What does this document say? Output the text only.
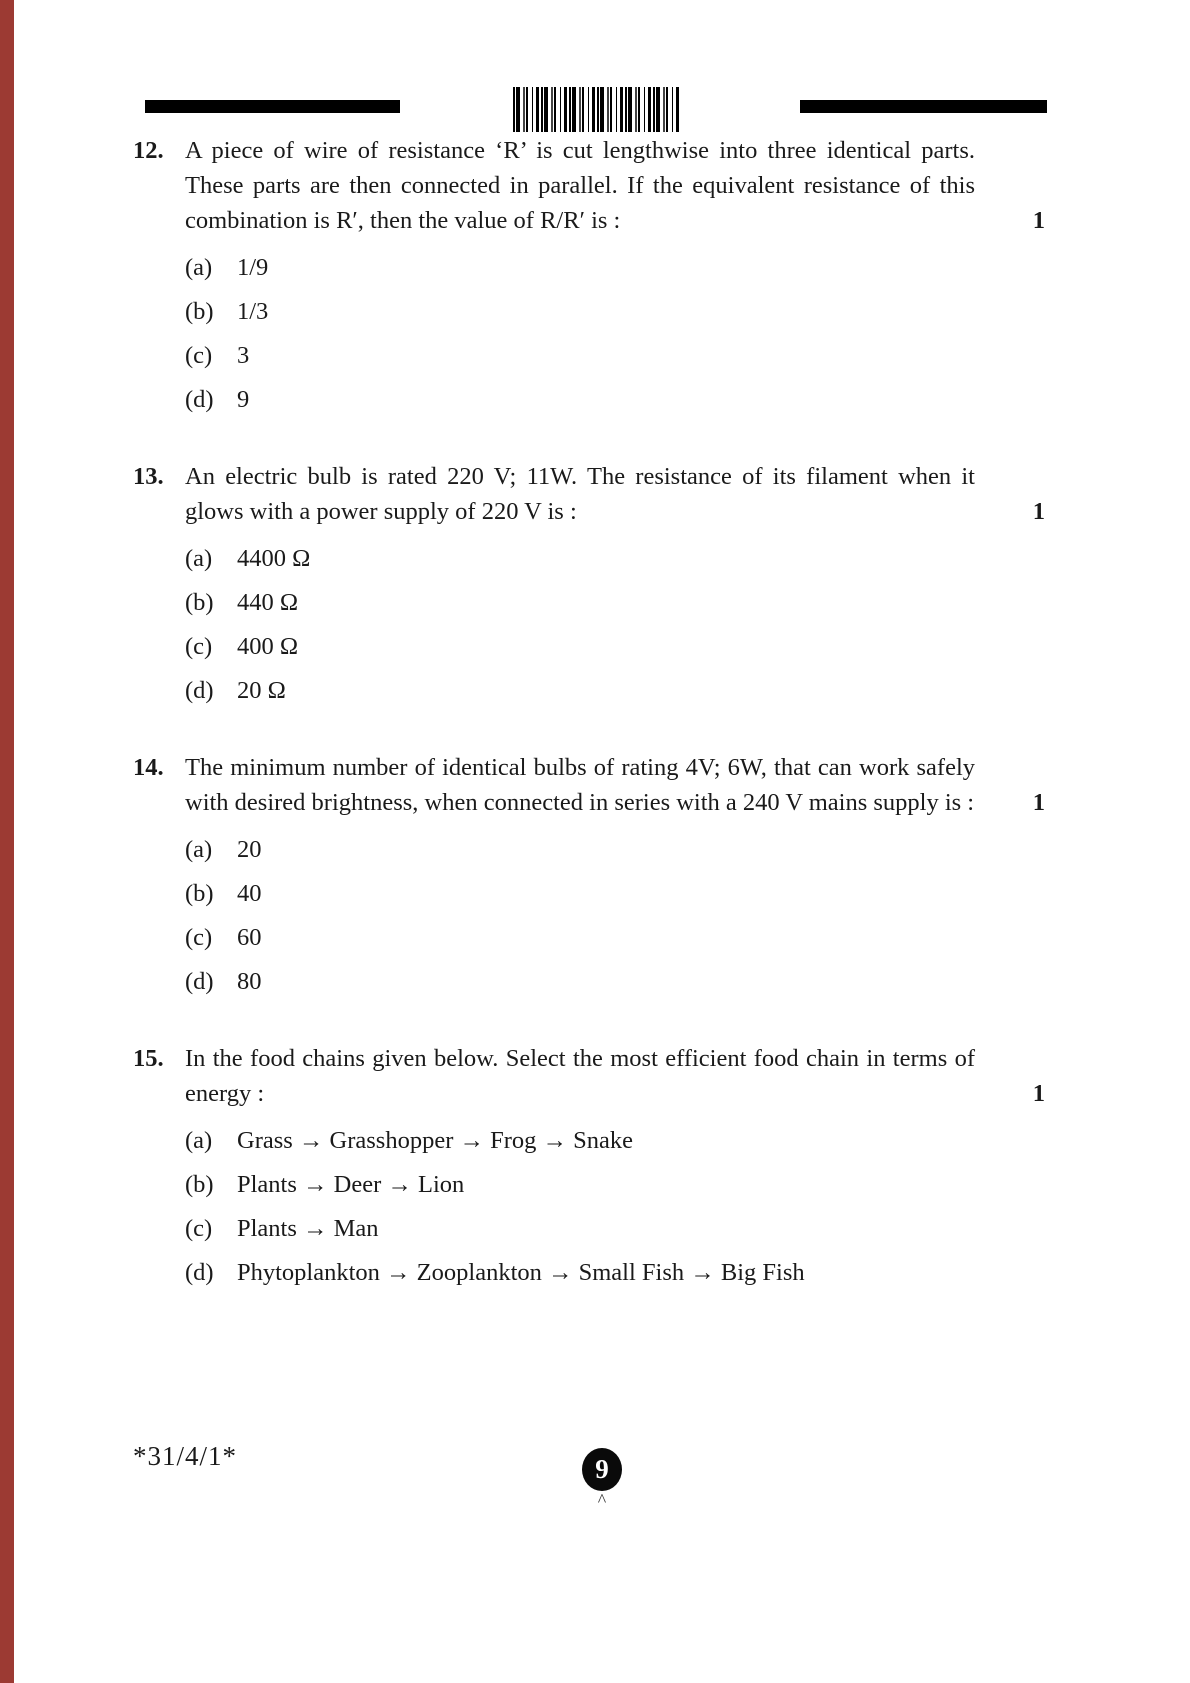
12. A piece of wire of resistance ‘R’ is cut lengthwise into three identical parts. These parts are then connected in parallel. If the equivalent resistance of this combination is R′, then the value of R/R′ is :	1
(a)	1/9
(b) 1/3
(c)	3
(d) 9
13. An electric bulb is rated 220 V; 11W. The resistance of its filament when it glows with a power supply of 220 V is :	1
(a)	4400 Ω
(b) 440 Ω
(c)	400 Ω
(d) 20 Ω
14. The minimum number of identical bulbs of rating 4V; 6W, that can work safely with desired brightness, when connected in series with a 240 V mains supply is : 1
(a)	20
(b) 40
(c)	60
(d) 80
15. In the food chains given below. Select the most efficient food chain in terms of energy :	1
(a)	Grass → Grasshopper → Frog → Snake
(b) Plants → Deer → Lion
(c)	Plants → Man
(d) Phytoplankton → Zooplankton → Small Fish → Big Fish
*31/4/1*	9
^
